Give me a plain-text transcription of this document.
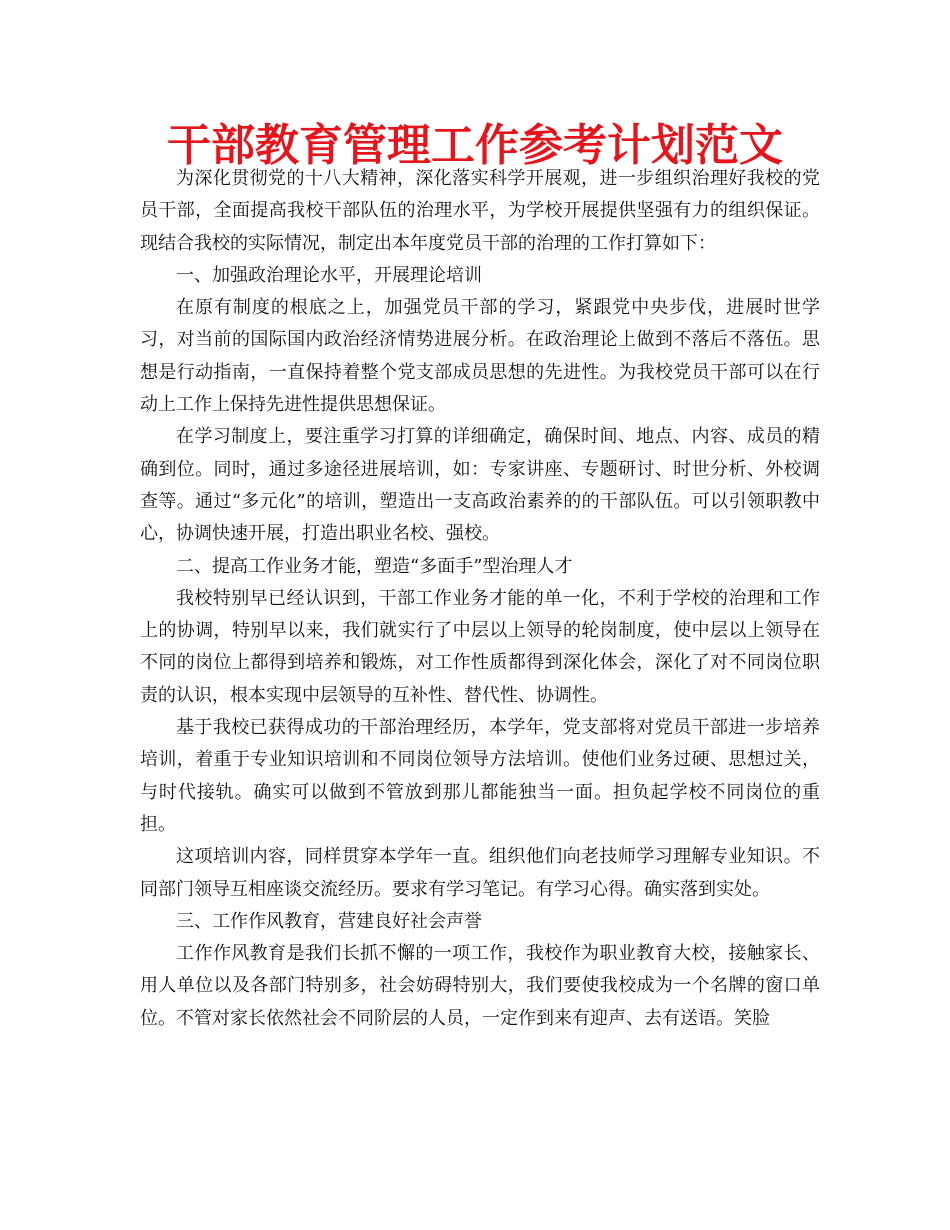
干部教育管理工作参考计划范文

为深化贯彻党的十八大精神，深化落实科学开展观，进一步组织治理好我校的党员干部，全面提高我校干部队伍的治理水平，为学校开展提供坚强有力的组织保证。现结合我校的实际情况，制定出本年度党员干部的治理的工作打算如下：

一、加强政治理论水平，开展理论培训

在原有制度的根底之上，加强党员干部的学习，紧跟党中央步伐，进展时世学习，对当前的国际国内政治经济情势进展分析。在政治理论上做到不落后不落伍。思想是行动指南，一直保持着整个党支部成员思想的先进性。为我校党员干部可以在行动上工作上保持先进性提供思想保证。

在学习制度上，要注重学习打算的详细确定，确保时间、地点、内容、成员的精确到位。同时，通过多途径进展培训，如：专家讲座、专题研讨、时世分析、外校调查等。通过“多元化”的培训，塑造出一支高政治素养的的干部队伍。可以引领职教中心，协调快速开展，打造出职业名校、强校。

二、提高工作业务才能，塑造“多面手”型治理人才

我校特别早已经认识到，干部工作业务才能的单一化，不利于学校的治理和工作上的协调，特别早以来，我们就实行了中层以上领导的轮岗制度，使中层以上领导在不同的岗位上都得到培养和锻炼，对工作性质都得到深化体会，深化了对不同岗位职责的认识，根本实现中层领导的互补性、替代性、协调性。

基于我校已获得成功的干部治理经历，本学年，党支部将对党员干部进一步培养培训，着重于专业知识培训和不同岗位领导方法培训。使他们业务过硬、思想过关，与时代接轨。确实可以做到不管放到那儿都能独当一面。担负起学校不同岗位的重担。

这项培训内容，同样贯穿本学年一直。组织他们向老技师学习理解专业知识。不同部门领导互相座谈交流经历。要求有学习笔记。有学习心得。确实落到实处。

三、工作作风教育，营建良好社会声誉

工作作风教育是我们长抓不懈的一项工作，我校作为职业教育大校，接触家长、用人单位以及各部门特别多，社会妨碍特别大，我们要使我校成为一个名牌的窗口单位。不管对家长依然社会不同阶层的人员，一定作到来有迎声、去有送语。笑脸
